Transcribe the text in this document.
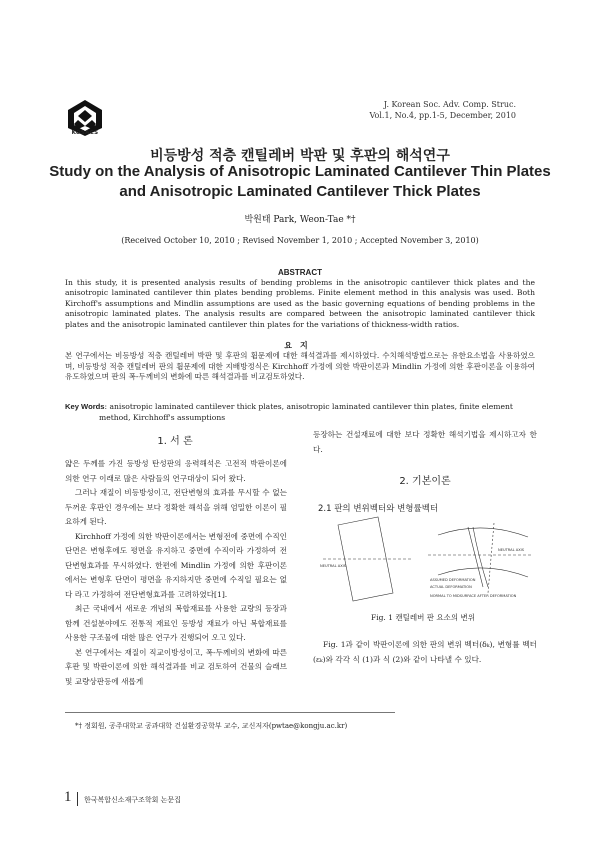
KOSACS
J. Korean Soc. Adv. Comp. Struc.
Vol.1, No.4, pp.1-5, December, 2010
비등방성 적층 캔틸레버 박판 및 후판의 해석연구
Study on the Analysis of Anisotropic Laminated Cantilever Thin Plates
and Anisotropic Laminated Cantilever Thick Plates
박원태 Park, Weon-Tae *†
(Received October 10, 2010 ; Revised November 1, 2010 ; Accepted November 3, 2010)
ABSTRACT
In this study, it is presented analysis results of bending problems in the anisotropic cantilever thick plates and the anisotropic laminated cantilever thin plates bending problems. Finite element method in this analysis was used. Both Kirchoff's assumptions and Mindlin assumptions are used as the basic governing equations of bending problems in the anisotropic laminated plates. The analysis results are compared between the anisotropic laminated cantilever thick plates and the anisotropic laminated cantilever thin plates for the variations of thickness-width ratios.
요지
본 연구에서는 비등방성 적층 캔틸레버 박판 및 후판의 휨문제에 대한 해석결과를 제시하였다. 수치해석방법으로는 유한요소법을 사용하였으며, 비등방성 적층 캔틸레버 판의 휨문제에 대한 지배방정식은 Kirchhoff 가정에 의한 박판이론과 Mindlin 가정에 의한 후판이론을 이용하여 유도하였으며 판의 폭-두께비의 변화에 따른 해석결과를 비교검토하였다.
Key Words: anisotropic laminated cantilever thick plates, anisotropic laminated cantilever thin plates, finite element
method, Kirchhoff's assumptions
1. 서 론

얇은 두께를 가진 등방성 탄성판의 응력해석은 고전적 박판이론에 의한 연구 이래로 많은 사람들의 연구대상이 되어 왔다.

그러나 재질이 비등방성이고, 전단변형의 효과를 무시할 수 없는 두꺼운 후판인 경우에는 보다 정확한 해석을 위해 엄밀한 이론이 필요하게 된다.

Kirchhoff 가정에 의한 박판이론에서는 변형전에 중면에 수직인 단면은 변형후에도 평면을 유지하고 중면에 수직이라 가정하여 전단변형효과를 무시하였다. 한편에 Mindlin 가정에 의한 후판이론에서는 변형후 단면이 평면을 유지하지만 중면에 수직일 필요는 없다 라고 가정하여 전단변형효과를 고려하였다[1].

최근 국내에서 새로운 개념의 복합재료를 사용한 교량의 등장과 함께 건설분야에도 전통적 재료인 등방성 재료가 아닌 복합재료를 사용한 구조물에 대한 많은 연구가 진행되어 오고 있다.

본 연구에서는 재질이 직교이방성이고, 폭-두께비의 변화에 따른 후판 및 박판이론에 의한 해석결과를 비교 검토하여 건물의 슬래브 및 교량상판등에 새롭게

등장하는 건설재료에 대한 보다 정확한 해석기법을 제시하고자 한다.
2. 기본이론
2.1 판의 변위벡터와 변형률벡터
NEUTRAL AXIS
NEUTRAL AXIS
ASSUMED DEFORMATION
ACTUAL DEFORMATION
NORMAL TO MIDSURFACE AFTER DEFORMATION
Fig. 1 캔틸레버 판 요소의 변위

Fig. 1과 같이 박판이론에 의한 판의 변위 벡터(δₖ), 변형률 벡터 (εₖ)와 각각 식 (1)과 식 (2)와 같이 나타낼 수 있다.

*† 정회원, 공주대학교 공과대학 건설환경공학부 교수, 교신저자(pwtae@kongju.ac.kr)
1 한국복합신소재구조학회 논문집
